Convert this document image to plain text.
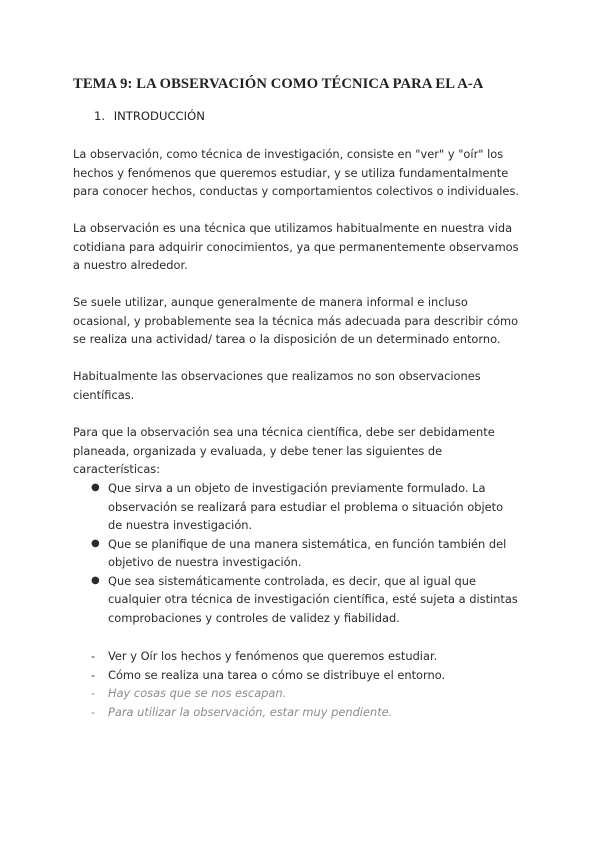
TEMA 9: LA OBSERVACIÓN COMO TÉCNICA PARA EL A-A
1. INTRODUCCIÓN
La observación, como técnica de investigación, consiste en "ver" y "oír" los
hechos y fenómenos que queremos estudiar, y se utiliza fundamentalmente
para conocer hechos, conductas y comportamientos colectivos o individuales.
La observación es una técnica que utilizamos habitualmente en nuestra vida
cotidiana para adquirir conocimientos, ya que permanentemente observamos
a nuestro alrededor.
Se suele utilizar, aunque generalmente de manera informal e incluso
ocasional, y probablemente sea la técnica más adecuada para describir cómo
se realiza una actividad/ tarea o la disposición de un determinado entorno.
Habitualmente las observaciones que realizamos no son observaciones
científicas.
Para que la observación sea una técnica científica, debe ser debidamente
planeada, organizada y evaluada, y debe tener las siguientes de
características:
● Que sirva a un objeto de investigación previamente formulado. La
observación se realizará para estudiar el problema o situación objeto
de nuestra investigación.
● Que se planifique de una manera sistemática, en función también del
objetivo de nuestra investigación.
● Que sea sistemáticamente controlada, es decir, que al igual que
cualquier otra técnica de investigación científica, esté sujeta a distintas
comprobaciones y controles de validez y fiabilidad.
- Ver y Oír los hechos y fenómenos que queremos estudiar.
- Cómo se realiza una tarea o cómo se distribuye el entorno.
- Hay cosas que se nos escapan.
- Para utilizar la observación, estar muy pendiente.
